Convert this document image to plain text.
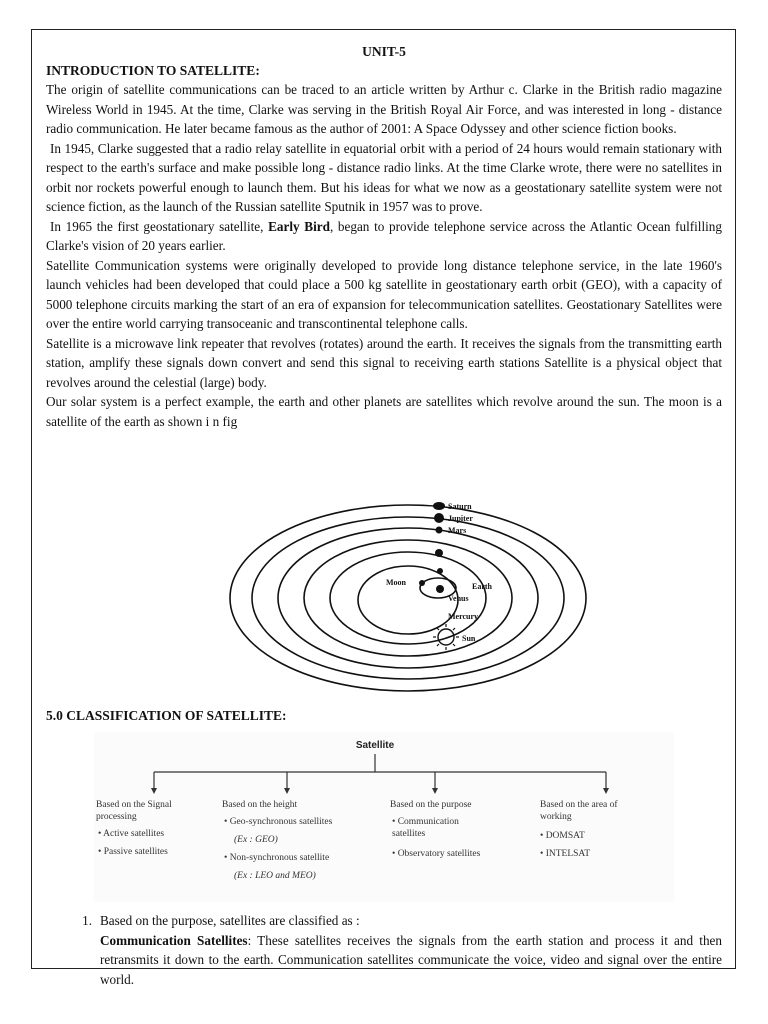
UNIT-5
INTRODUCTION TO SATELLITE:

The origin of satellite communications can be traced to an article written by Arthur c. Clarke in the British radio magazine Wireless World in 1945. At the time, Clarke was serving in the British Royal Air Force, and was interested in long - distance radio communication. He later became famous as the author of 2001: A Space Odyssey and other science fiction books.

In 1945, Clarke suggested that a radio relay satellite in equatorial orbit with a period of 24 hours would remain stationary with respect to the earth's surface and make possible long - distance radio links. At the time Clarke wrote, there were no satellites in orbit nor rockets powerful enough to launch them. But his ideas for what we now as a geostationary satellite system were not science fiction, as the launch of the Russian satellite Sputnik in 1957 was to prove.

In 1965 the first geostationary satellite, Early Bird, began to provide telephone service across the Atlantic Ocean fulfilling Clarke's vision of 20 years earlier.

Satellite Communication systems were originally developed to provide long distance telephone service, in the late 1960's launch vehicles had been developed that could place a 500 kg satellite in geostationary earth orbit (GEO), with a capacity of 5000 telephone circuits marking the start of an era of expansion for telecommunication satellites. Geostationary Satellites were over the entire world carrying transoceanic and transcontinental telephone calls.

Satellite is a microwave link repeater that revolves (rotates) around the earth. It receives the signals from the transmitting earth station, amplify these signals down convert and send this signal to receiving earth stations Satellite is a physical object that revolves around the celestial (large) body.

Our solar system is a perfect example, the earth and other planets are satellites which revolve around the sun. The moon is a satellite of the earth as shown i n fig

Saturn
Jupiter
Mars
Moon	Earth
Venus
Mercury
Sun
5.0 CLASSIFICATION OF SATELLITE:
Satellite
Based on the Signal
processing
• Active satellites
• Passive satellites
Based on the height
• Geo-synchronous satellites
(Ex : GEO)
• Non-synchronous satellite
(Ex : LEO and MEO)
Based on the purpose
• Communication
satellites
• Observatory satellites
Based on the area of
working
• DOMSAT
• INTELSAT
1. Based on the purpose, satellites are classified as :

Communication Satellites: These satellites receives the signals from the earth station and process it and then retransmits it down to the earth. Communication satellites communicate the voice, video and signal over the entire world.
